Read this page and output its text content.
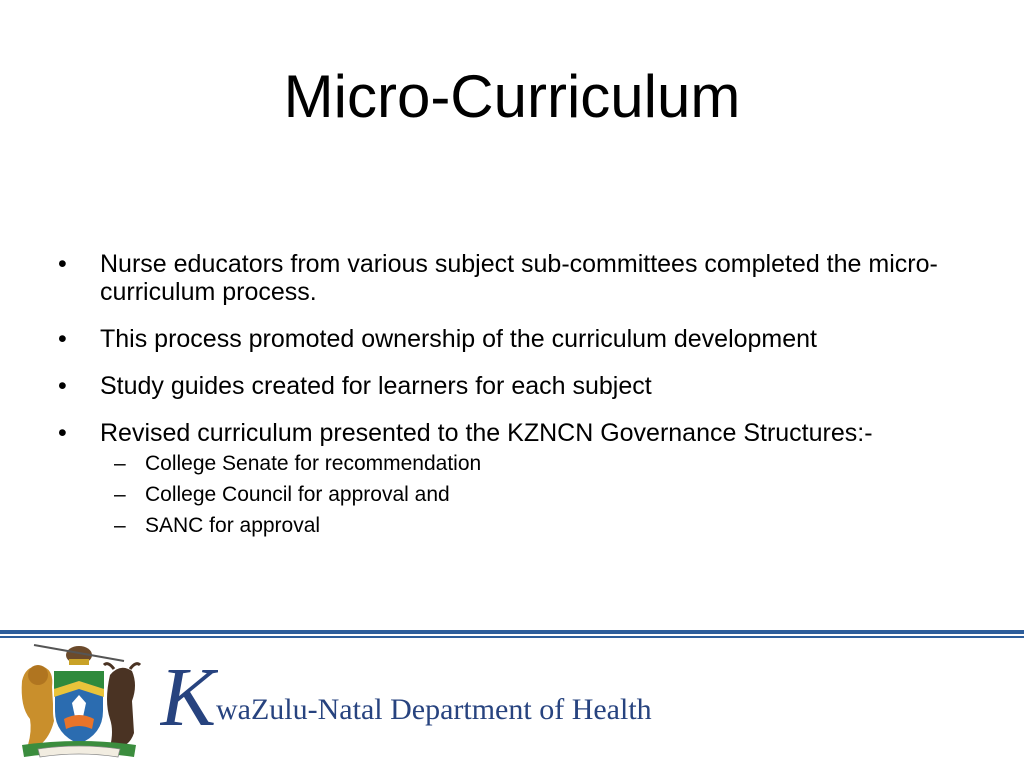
Micro-Curriculum
• Nurse educators from various subject sub-committees completed the micro-curriculum process.
• This process promoted ownership of the curriculum development
• Study guides created for learners for each subject
• Revised curriculum presented to the KZNCN Governance Structures:-
– College Senate for recommendation
– College Council for approval and
– SANC for approval
K waZulu-Natal Department of Health
